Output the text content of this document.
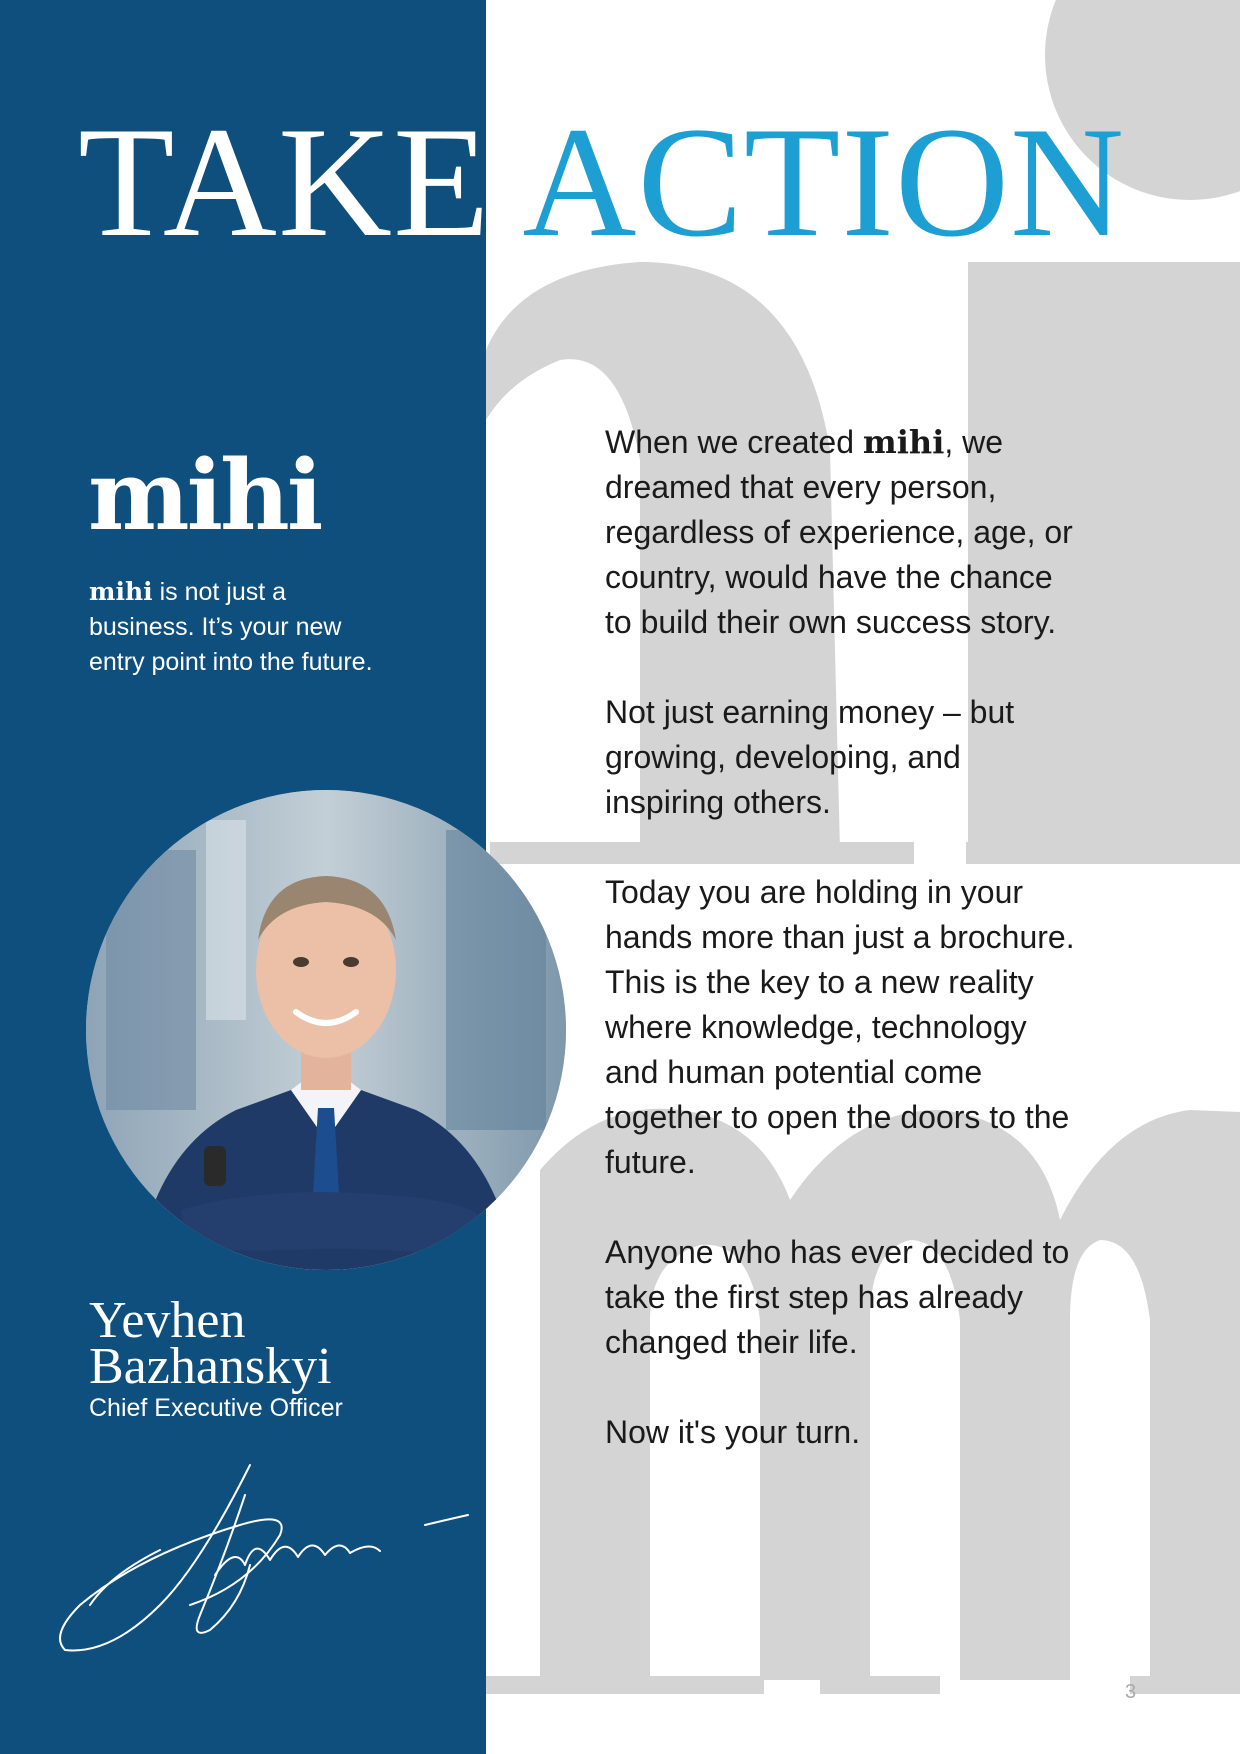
TAKE ACTION
mihi

mihi is not just a business. It’s your new entry point into the future.

Yevhen
Bazhanskyi

Chief Executive Officer

When we created mihi, we dreamed that every person, regardless of experience, age, or country, would have the chance to build their own success story.

Not just earning money – but growing, developing, and inspiring others.

Today you are holding in your hands more than just a brochure.

This is the key to a new reality where knowledge, technology and human potential come together to open the doors to the future.

Anyone who has ever decided to take the first step has already changed their life.

Now it's your turn.

3
